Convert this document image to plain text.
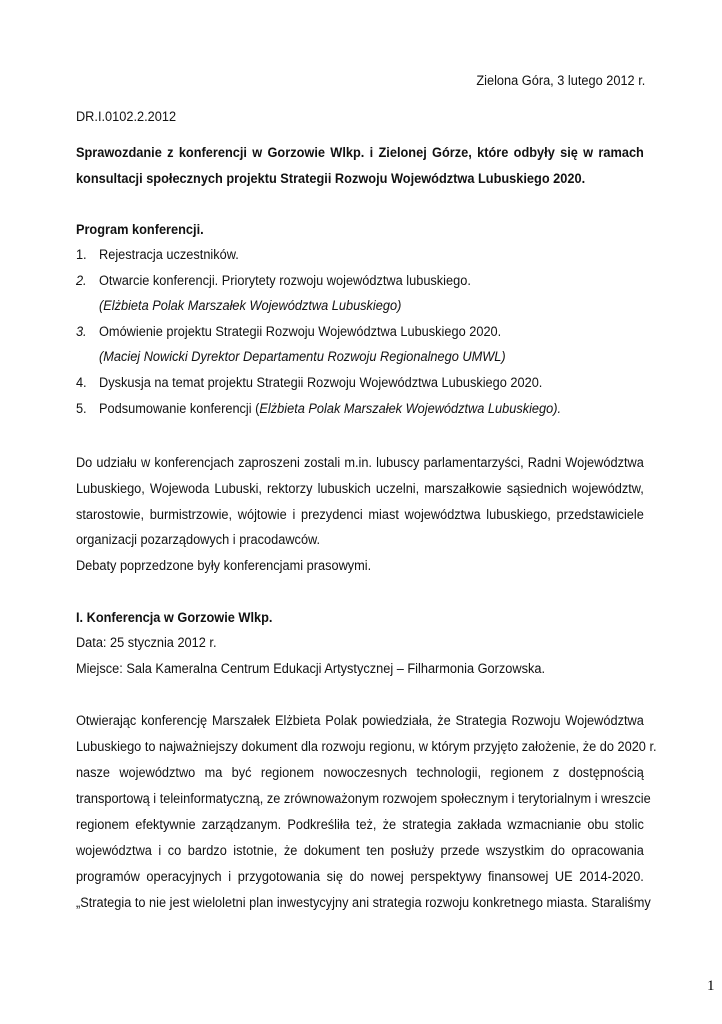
Zielona Góra, 3 lutego 2012 r.
DR.I.0102.2.2012
Sprawozdanie z konferencji w Gorzowie Wlkp. i Zielonej Górze, które odbyły się w ramach
konsultacji społecznych projektu Strategii Rozwoju Województwa Lubuskiego 2020.
Program konferencji.
1. Rejestracja uczestników.
2. Otwarcie konferencji. Priorytety rozwoju województwa lubuskiego.
(Elżbieta Polak Marszałek Województwa Lubuskiego)
3. Omówienie projektu Strategii Rozwoju Województwa Lubuskiego 2020.
(Maciej Nowicki Dyrektor Departamentu Rozwoju Regionalnego UMWL)
4. Dyskusja na temat projektu Strategii Rozwoju Województwa Lubuskiego 2020.
5. Podsumowanie konferencji (Elżbieta Polak Marszałek Województwa Lubuskiego).
Do udziału w konferencjach zaproszeni zostali m.in. lubuscy parlamentarzyści, Radni Województwa
Lubuskiego, Wojewoda Lubuski, rektorzy lubuskich uczelni, marszałkowie sąsiednich województw,
starostowie, burmistrzowie, wójtowie i prezydenci miast województwa lubuskiego, przedstawiciele
organizacji pozarządowych i pracodawców.
Debaty poprzedzone były konferencjami prasowymi.
I. Konferencja w Gorzowie Wlkp.
Data: 25 stycznia 2012 r.
Miejsce: Sala Kameralna Centrum Edukacji Artystycznej – Filharmonia Gorzowska.
Otwierając konferencję Marszałek Elżbieta Polak powiedziała, że Strategia Rozwoju Województwa
Lubuskiego to najważniejszy dokument dla rozwoju regionu, w którym przyjęto założenie, że do 2020 r.
nasze województwo ma być regionem nowoczesnych technologii, regionem z dostępnością
transportową i teleinformatyczną, ze zrównoważonym rozwojem społecznym i terytorialnym i wreszcie
regionem efektywnie zarządzanym. Podkreśliła też, że strategia zakłada wzmacnianie obu stolic
województwa i co bardzo istotnie, że dokument ten posłuży przede wszystkim do opracowania
programów operacyjnych i przygotowania się do nowej perspektywy finansowej UE 2014-2020.
„Strategia to nie jest wieloletni plan inwestycyjny ani strategia rozwoju konkretnego miasta. Staraliśmy
1
